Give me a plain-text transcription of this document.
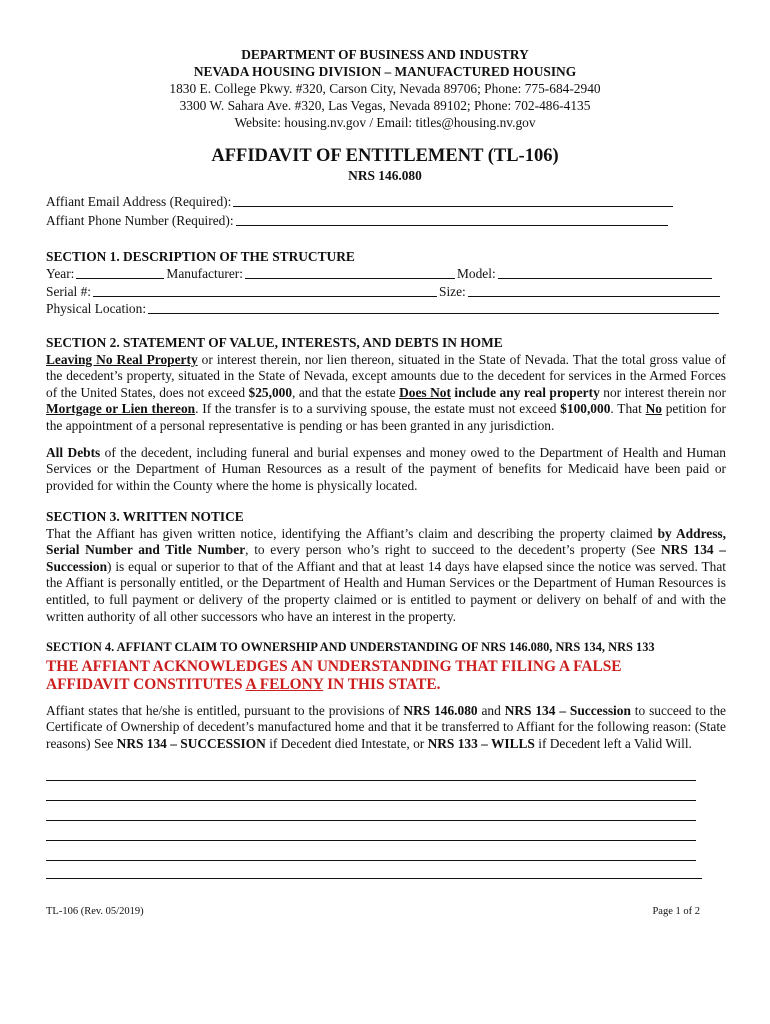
DEPARTMENT OF BUSINESS AND INDUSTRY
NEVADA HOUSING DIVISION – MANUFACTURED HOUSING
1830 E. College Pkwy. #320, Carson City, Nevada 89706; Phone: 775-684-2940
3300 W. Sahara Ave. #320, Las Vegas, Nevada 89102; Phone: 702-486-4135
Website: housing.nv.gov / Email: titles@housing.nv.gov
AFFIDAVIT OF ENTITLEMENT (TL-106)
NRS 146.080
Affiant Email Address (Required):
Affiant Phone Number (Required):
SECTION 1. DESCRIPTION OF THE STRUCTURE
Year:	Manufacturer:	Model:
Serial #:	Size:
Physical Location:
SECTION 2. STATEMENT OF VALUE, INTERESTS, AND DEBTS IN HOME
Leaving No Real Property or interest therein, nor lien thereon, situated in the State of Nevada. That the total gross value of the decedent’s property, situated in the State of Nevada, except amounts due to the decedent for services in the Armed Forces of the United States, does not exceed $25,000, and that the estate Does Not include any real property nor interest therein nor Mortgage or Lien thereon. If the transfer is to a surviving spouse, the estate must not exceed $100,000. That No petition for the appointment of a personal representative is pending or has been granted in any jurisdiction.
All Debts of the decedent, including funeral and burial expenses and money owed to the Department of Health and Human Services or the Department of Human Resources as a result of the payment of benefits for Medicaid have been paid or provided for within the County where the home is physically located.
SECTION 3. WRITTEN NOTICE
That the Affiant has given written notice, identifying the Affiant’s claim and describing the property claimed by Address, Serial Number and Title Number, to every person who’s right to succeed to the decedent’s property (See NRS 134 – Succession) is equal or superior to that of the Affiant and that at least 14 days have elapsed since the notice was served. That the Affiant is personally entitled, or the Department of Health and Human Services or the Department of Human Resources is entitled, to full payment or delivery of the property claimed or is entitled to payment or delivery on behalf of and with the written authority of all other successors who have an interest in the property.
SECTION 4. AFFIANT CLAIM TO OWNERSHIP AND UNDERSTANDING OF NRS 146.080, NRS 134, NRS 133
THE AFFIANT ACKNOWLEDGES AN UNDERSTANDING THAT FILING A FALSE
AFFIDAVIT CONSTITUTES A FELONY IN THIS STATE.
Affiant states that he/she is entitled, pursuant to the provisions of NRS 146.080 and NRS 134 – Succession to succeed to the Certificate of Ownership of decedent’s manufactured home and that it be transferred to Affiant for the following reason: (State reasons) See NRS 134 – SUCCESSION if Decedent died Intestate, or NRS 133 – WILLS if Decedent left a Valid Will.
TL-106 (Rev. 05/2019)	Page 1 of 2
